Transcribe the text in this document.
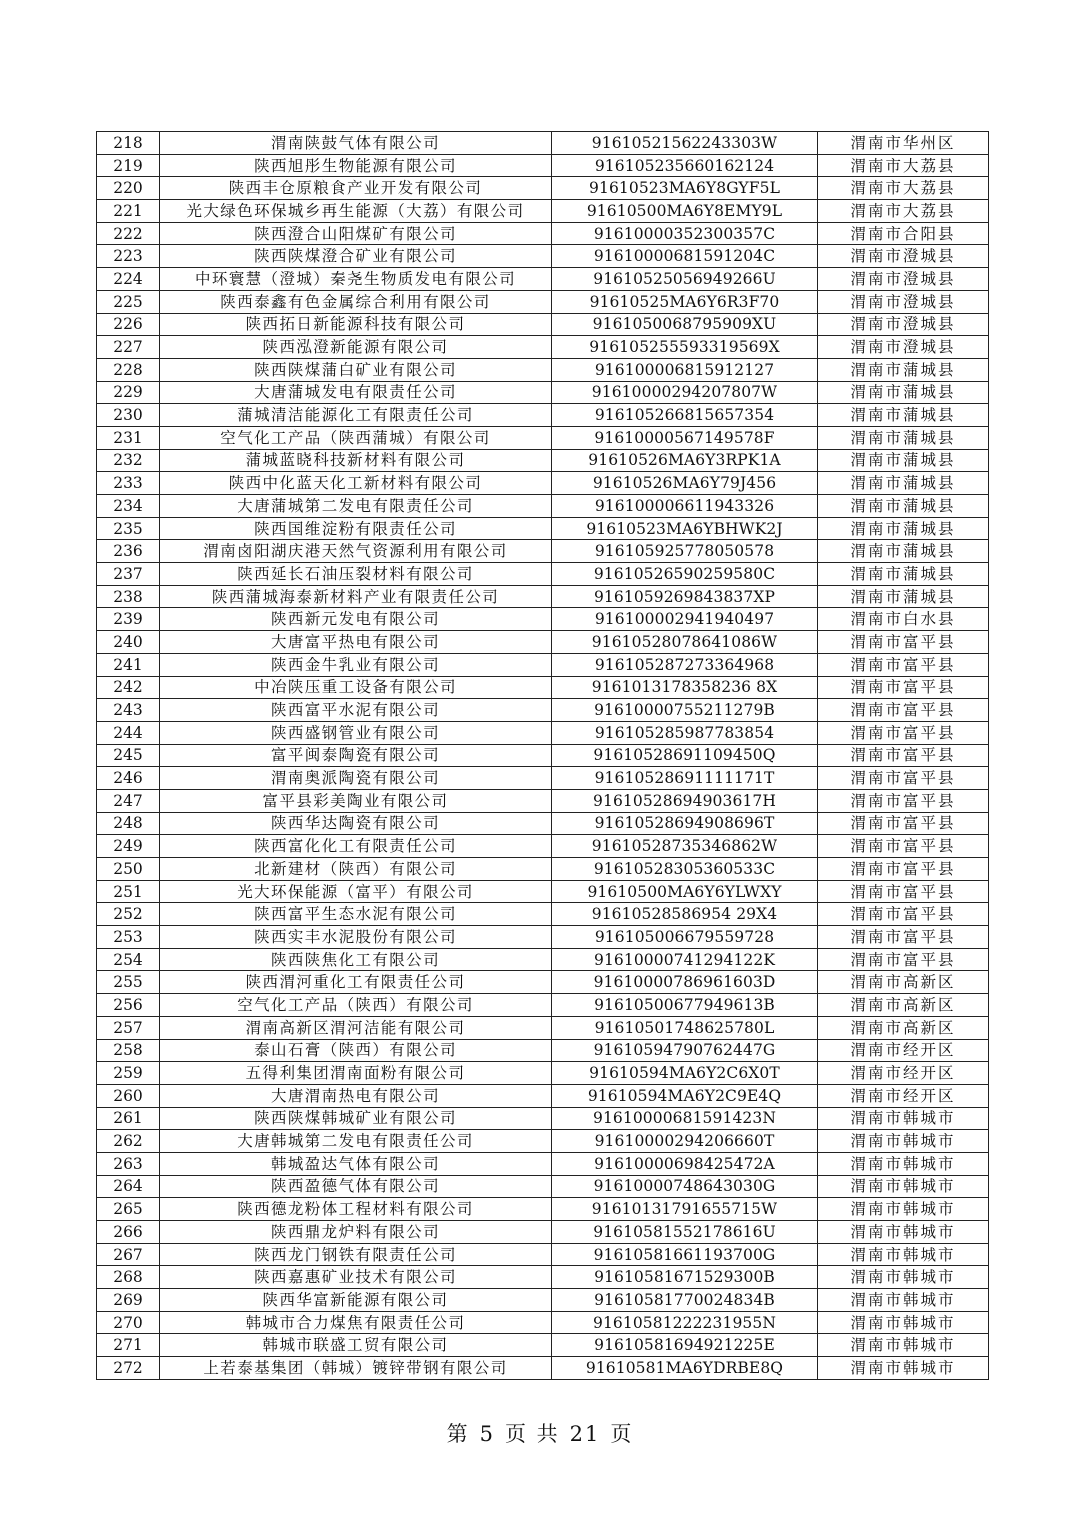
218	渭南陕鼓气体有限公司	91610521562243303W	渭南市华州区
219	陕西旭彤生物能源有限公司	916105235660162124	渭南市大荔县
220	陕西丰仓原粮食产业开发有限公司	91610523MA6Y8GYF5L	渭南市大荔县
221	光大绿色环保城乡再生能源（大荔）有限公司	91610500MA6Y8EMY9L	渭南市大荔县
222	陕西澄合山阳煤矿有限公司	91610000352300357C	渭南市合阳县
223	陕西陕煤澄合矿业有限公司	91610000681591204C	渭南市澄城县
224	中环寰慧（澄城）秦尧生物质发电有限公司	91610525056949266U	渭南市澄城县
225	陕西泰鑫有色金属综合利用有限公司	91610525MA6Y6R3F70	渭南市澄城县
226	陕西拓日新能源科技有限公司	9161050068795909XU	渭南市澄城县
227	陕西泓澄新能源有限公司	916105255593319569X	渭南市澄城县
228	陕西陕煤蒲白矿业有限公司	916100006815912127	渭南市蒲城县
229	大唐蒲城发电有限责任公司	91610000294207807W	渭南市蒲城县
230	蒲城清洁能源化工有限责任公司	916105266815657354	渭南市蒲城县
231	空气化工产品（陕西蒲城）有限公司	91610000567149578F	渭南市蒲城县
232	蒲城蓝晓科技新材料有限公司	91610526MA6Y3RPK1A	渭南市蒲城县
233	陕西中化蓝天化工新材料有限公司	91610526MA6Y79J456	渭南市蒲城县
234	大唐蒲城第二发电有限责任公司	916100006611943326	渭南市蒲城县
235	陕西国维淀粉有限责任公司	91610523MA6YBHWK2J	渭南市蒲城县
236	渭南卤阳湖庆港天然气资源利用有限公司	916105925778050578	渭南市蒲城县
237	陕西延长石油压裂材料有限公司	91610526590259580C	渭南市蒲城县
238	陕西蒲城海泰新材料产业有限责任公司	9161059269843837XP	渭南市蒲城县
239	陕西新元发电有限公司	916100002941940497	渭南市白水县
240	大唐富平热电有限公司	91610528078641086W	渭南市富平县
241	陕西金牛乳业有限公司	916105287273364968	渭南市富平县
242	中冶陕压重工设备有限公司	9161013178358236 8X	渭南市富平县
243	陕西富平水泥有限公司	91610000755211279B	渭南市富平县
244	陕西盛钢管业有限公司	916105285987783854	渭南市富平县
245	富平闽泰陶瓷有限公司	91610528691109450Q	渭南市富平县
246	渭南奥派陶瓷有限公司	91610528691111171T	渭南市富平县
247	富平县彩美陶业有限公司	91610528694903617H	渭南市富平县
248	陕西华达陶瓷有限公司	91610528694908696T	渭南市富平县
249	陕西富化化工有限责任公司	91610528735346862W	渭南市富平县
250	北新建材（陕西）有限公司	91610528305360533C	渭南市富平县
251	光大环保能源（富平）有限公司	91610500MA6Y6YLWXY	渭南市富平县
252	陕西富平生态水泥有限公司	91610528586954 29X4	渭南市富平县
253	陕西实丰水泥股份有限公司	916105006679559728	渭南市富平县
254	陕西陕焦化工有限公司	91610000741294122K	渭南市富平县
255	陕西渭河重化工有限责任公司	91610000786961603D	渭南市高新区
256	空气化工产品（陕西）有限公司	91610500677949613B	渭南市高新区
257	渭南高新区渭河洁能有限公司	91610501748625780L	渭南市高新区
258	泰山石膏（陕西）有限公司	91610594790762447G	渭南市经开区
259	五得利集团渭南面粉有限公司	91610594MA6Y2C6X0T	渭南市经开区
260	大唐渭南热电有限公司	91610594MA6Y2C9E4Q	渭南市经开区
261	陕西陕煤韩城矿业有限公司	91610000681591423N	渭南市韩城市
262	大唐韩城第二发电有限责任公司	91610000294206660T	渭南市韩城市
263	韩城盈达气体有限公司	91610000698425472A	渭南市韩城市
264	陕西盈德气体有限公司	91610000748643030G	渭南市韩城市
265	陕西德龙粉体工程材料有限公司	91610131791655715W	渭南市韩城市
266	陕西鼎龙炉料有限公司	91610581552178616U	渭南市韩城市
267	陕西龙门钢铁有限责任公司	91610581661193700G	渭南市韩城市
268	陕西嘉惠矿业技术有限公司	91610581671529300B	渭南市韩城市
269	陕西华富新能源有限公司	91610581770024834B	渭南市韩城市
270	韩城市合力煤焦有限责任公司	91610581222231955N	渭南市韩城市
271	韩城市联盛工贸有限公司	91610581694921225E	渭南市韩城市
272	上若泰基集团（韩城）镀锌带钢有限公司	91610581MA6YDRBE8Q	渭南市韩城市
第 5 页 共 21 页
